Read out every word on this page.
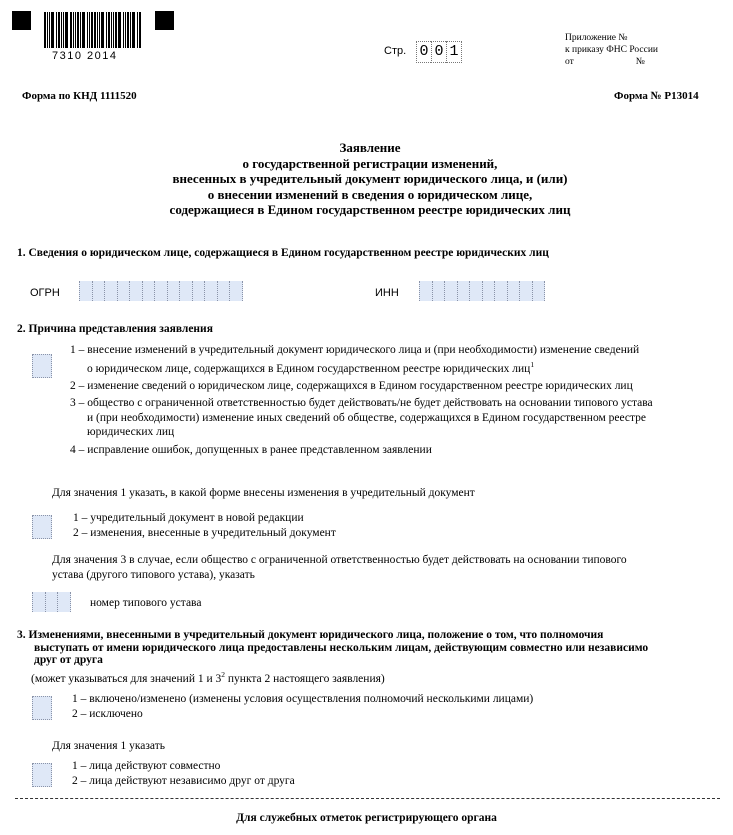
7310 2014	Стр. 0 0 1
Приложение №
к приказу ФНС России
от	№
Форма по КНД 1111520	Форма № Р13014
Заявление
о государственной регистрации изменений,
внесенных в учредительный документ юридического лица, и (или)
о внесении изменений в сведения о юридическом лице,
содержащиеся в Едином государственном реестре юридических лиц
1. Сведения о юридическом лице, содержащиеся в Едином государственном реестре юридических лиц
ОГРН	ИНН
2. Причина представления заявления
1 – внесение изменений в учредительный документ юридического лица и (при необходимости) изменение сведений
о юридическом лице, содержащихся в Едином государственном реестре юридических лиц$^1$
2 – изменение сведений о юридическом лице, содержащихся в Едином государственном реестре юридических лиц
3 – общество с ограниченной ответственностью будет действовать/не будет действовать на основании типового устава
и (при необходимости) изменение иных сведений об обществе, содержащихся в Едином государственном реестре
юридических лиц
4 – исправление ошибок, допущенных в ранее представленном заявлении
Для значения 1 указать, в какой форме внесены изменения в учредительный документ
1 – учредительный документ в новой редакции
2 – изменения, внесенные в учредительный документ
Для значения 3 в случае, если общество с ограниченной ответственностью будет действовать на основании типового
устава (другого типового устава), указать
номер типового устава
3. Изменениями, внесенными в учредительный документ юридического лица, положение о том, что полномочия
выступать от имени юридического лица предоставлены нескольким лицам, действующим совместно или независимо
друг от друга
(может указываться для значений 1 и $3^2$ пункта 2 настоящего заявления)
1 – включено/изменено (изменены условия осуществления полномочий несколькими лицами)
2 – исключено
Для значения 1 указать
1 – лица действуют совместно
2 – лица действуют независимо друг от друга
Для служебных отметок регистрирующего органа
